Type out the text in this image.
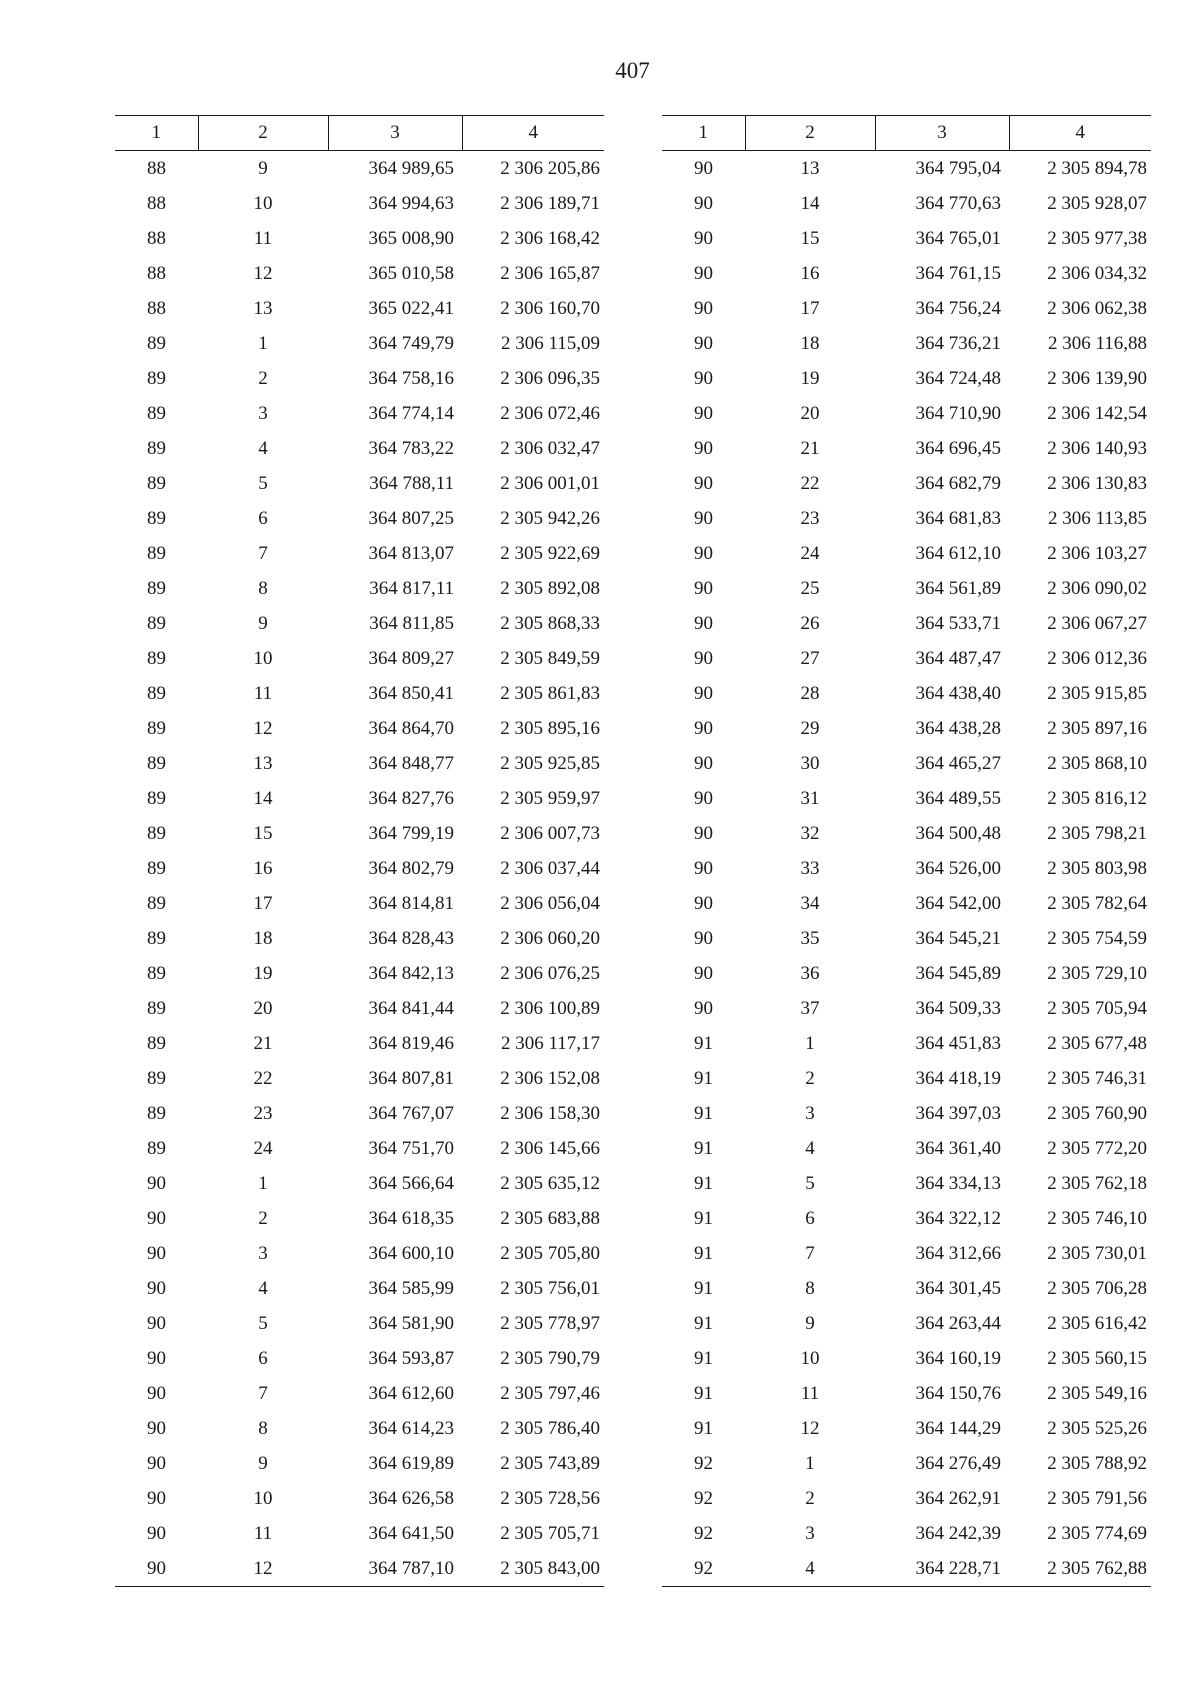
407
1	2	3	4
88	9	364 989,65	2 306 205,86
88	10	364 994,63	2 306 189,71
88	11	365 008,90	2 306 168,42
88	12	365 010,58	2 306 165,87
88	13	365 022,41	2 306 160,70
89	1	364 749,79	2 306 115,09
89	2	364 758,16	2 306 096,35
89	3	364 774,14	2 306 072,46
89	4	364 783,22	2 306 032,47
89	5	364 788,11	2 306 001,01
89	6	364 807,25	2 305 942,26
89	7	364 813,07	2 305 922,69
89	8	364 817,11	2 305 892,08
89	9	364 811,85	2 305 868,33
89	10	364 809,27	2 305 849,59
89	11	364 850,41	2 305 861,83
89	12	364 864,70	2 305 895,16
89	13	364 848,77	2 305 925,85
89	14	364 827,76	2 305 959,97
89	15	364 799,19	2 306 007,73
89	16	364 802,79	2 306 037,44
89	17	364 814,81	2 306 056,04
89	18	364 828,43	2 306 060,20
89	19	364 842,13	2 306 076,25
89	20	364 841,44	2 306 100,89
89	21	364 819,46	2 306 117,17
89	22	364 807,81	2 306 152,08
89	23	364 767,07	2 306 158,30
89	24	364 751,70	2 306 145,66
90	1	364 566,64	2 305 635,12
90	2	364 618,35	2 305 683,88
90	3	364 600,10	2 305 705,80
90	4	364 585,99	2 305 756,01
90	5	364 581,90	2 305 778,97
90	6	364 593,87	2 305 790,79
90	7	364 612,60	2 305 797,46
90	8	364 614,23	2 305 786,40
90	9	364 619,89	2 305 743,89
90	10	364 626,58	2 305 728,56
90	11	364 641,50	2 305 705,71
90	12	364 787,10	2 305 843,00
1	2	3	4
90	13	364 795,04	2 305 894,78
90	14	364 770,63	2 305 928,07
90	15	364 765,01	2 305 977,38
90	16	364 761,15	2 306 034,32
90	17	364 756,24	2 306 062,38
90	18	364 736,21	2 306 116,88
90	19	364 724,48	2 306 139,90
90	20	364 710,90	2 306 142,54
90	21	364 696,45	2 306 140,93
90	22	364 682,79	2 306 130,83
90	23	364 681,83	2 306 113,85
90	24	364 612,10	2 306 103,27
90	25	364 561,89	2 306 090,02
90	26	364 533,71	2 306 067,27
90	27	364 487,47	2 306 012,36
90	28	364 438,40	2 305 915,85
90	29	364 438,28	2 305 897,16
90	30	364 465,27	2 305 868,10
90	31	364 489,55	2 305 816,12
90	32	364 500,48	2 305 798,21
90	33	364 526,00	2 305 803,98
90	34	364 542,00	2 305 782,64
90	35	364 545,21	2 305 754,59
90	36	364 545,89	2 305 729,10
90	37	364 509,33	2 305 705,94
91	1	364 451,83	2 305 677,48
91	2	364 418,19	2 305 746,31
91	3	364 397,03	2 305 760,90
91	4	364 361,40	2 305 772,20
91	5	364 334,13	2 305 762,18
91	6	364 322,12	2 305 746,10
91	7	364 312,66	2 305 730,01
91	8	364 301,45	2 305 706,28
91	9	364 263,44	2 305 616,42
91	10	364 160,19	2 305 560,15
91	11	364 150,76	2 305 549,16
91	12	364 144,29	2 305 525,26
92	1	364 276,49	2 305 788,92
92	2	364 262,91	2 305 791,56
92	3	364 242,39	2 305 774,69
92	4	364 228,71	2 305 762,88
